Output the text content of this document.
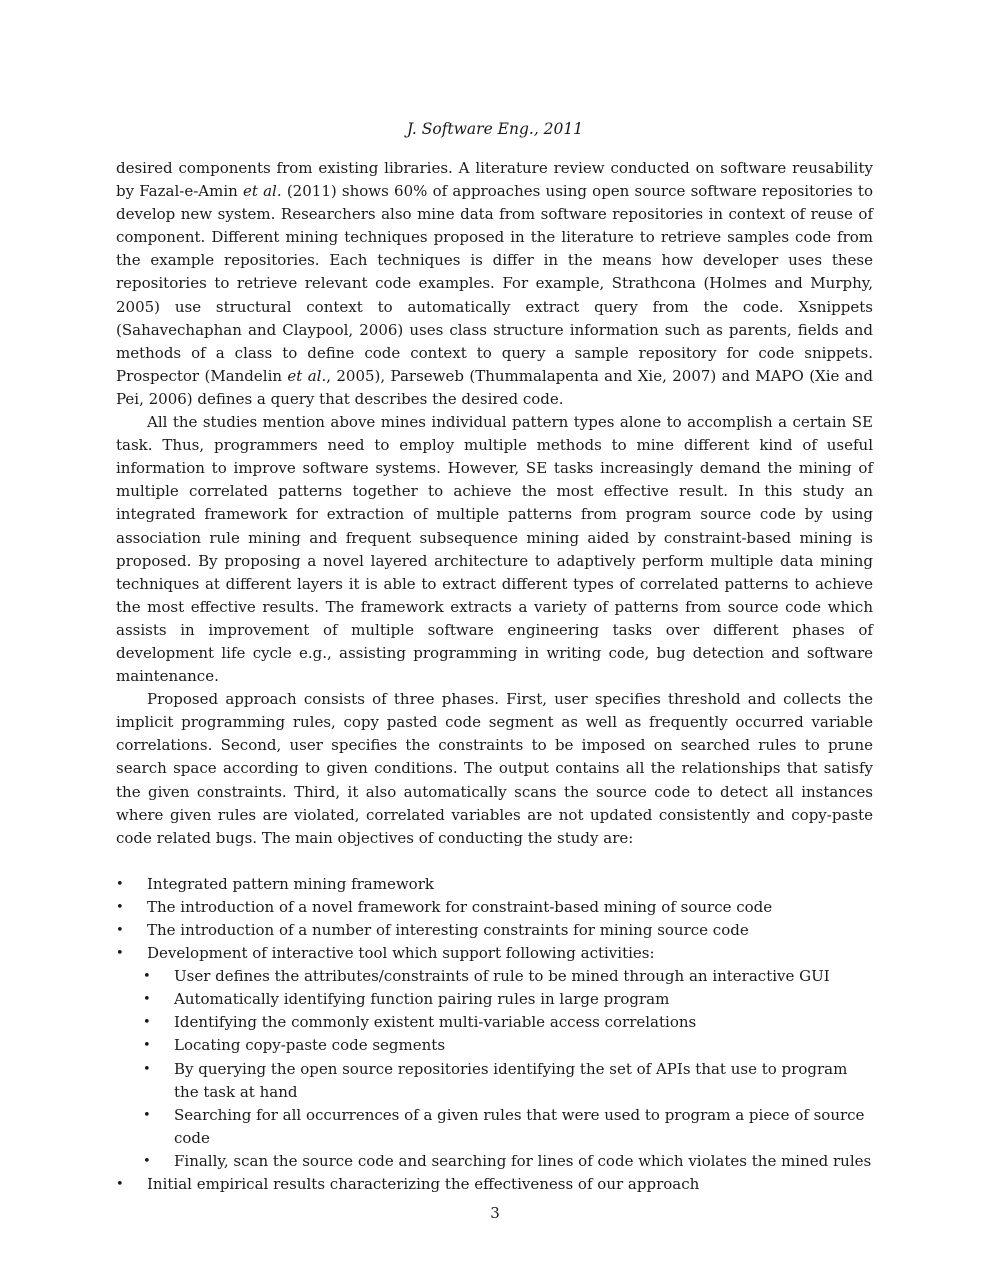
J. Software Eng., 2011

desired components from existing libraries. A literature review conducted on software reusability by Fazal-e-Amin et al. (2011) shows 60% of approaches using open source software repositories to develop new system. Researchers also mine data from software repositories in context of reuse of component. Different mining techniques proposed in the literature to retrieve samples code from the example repositories. Each techniques is differ in the means how developer uses these repositories to retrieve relevant code examples. For example, Strathcona (Holmes and Murphy, 2005) use structural context to automatically extract query from the code. Xsnippets (Sahavechaphan and Claypool, 2006) uses class structure information such as parents, fields and methods of a class to define code context to query a sample repository for code snippets. Prospector (Mandelin et al., 2005), Parseweb (Thummalapenta and Xie, 2007) and MAPO (Xie and Pei, 2006) defines a query that describes the desired code.

All the studies mention above mines individual pattern types alone to accomplish a certain SE task. Thus, programmers need to employ multiple methods to mine different kind of useful information to improve software systems. However, SE tasks increasingly demand the mining of multiple correlated patterns together to achieve the most effective result. In this study an integrated framework for extraction of multiple patterns from program source code by using association rule mining and frequent subsequence mining aided by constraint-based mining is proposed. By proposing a novel layered architecture to adaptively perform multiple data mining techniques at different layers it is able to extract different types of correlated patterns to achieve the most effective results. The framework extracts a variety of patterns from source code which assists in improvement of multiple software engineering tasks over different phases of development life cycle e.g., assisting programming in writing code, bug detection and software maintenance.

Proposed approach consists of three phases. First, user specifies threshold and collects the implicit programming rules, copy pasted code segment as well as frequently occurred variable correlations. Second, user specifies the constraints to be imposed on searched rules to prune search space according to given conditions. The output contains all the relationships that satisfy the given constraints. Third, it also automatically scans the source code to detect all instances where given rules are violated, correlated variables are not updated consistently and copy-paste code related bugs. The main objectives of conducting the study are:

• Integrated pattern mining framework
• The introduction of a novel framework for constraint-based mining of source code
• The introduction of a number of interesting constraints for mining source code
• Development of interactive tool which support following activities:
• User defines the attributes/constraints of rule to be mined through an interactive GUI
• Automatically identifying function pairing rules in large program
• Identifying the commonly existent multi-variable access correlations
• Locating copy-paste code segments
• By querying the open source repositories identifying the set of APIs that use to program the task at hand
• Searching for all occurrences of a given rules that were used to program a piece of source code
• Finally, scan the source code and searching for lines of code which violates the mined rules
• Initial empirical results characterizing the effectiveness of our approach
3
